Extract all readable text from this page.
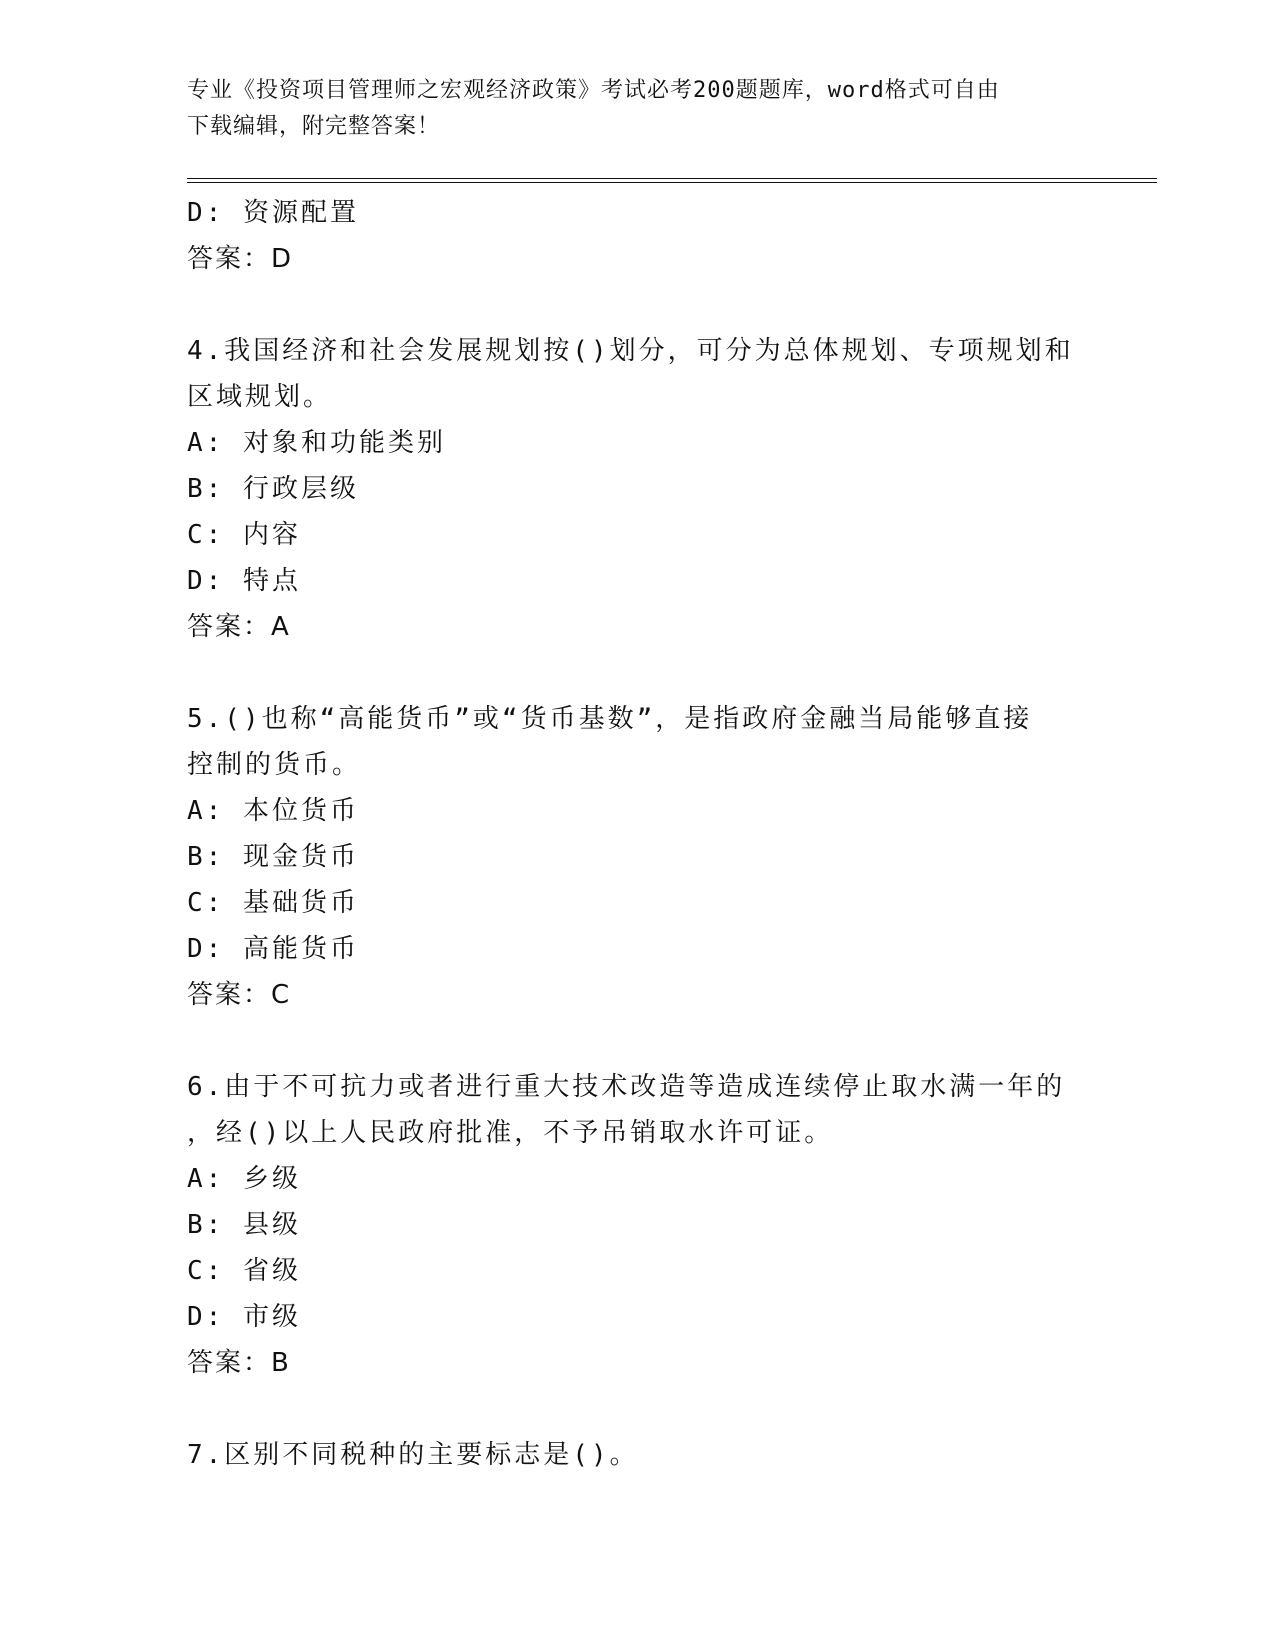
专业《投资项目管理师之宏观经济政策》考试必考200题题库，word格式可自由
下载编辑，附完整答案！
D: 资源配置
答案：D
4.我国经济和社会发展规划按()划分，可分为总体规划、专项规划和
区域规划。
A: 对象和功能类别
B: 行政层级
C: 内容
D: 特点
答案：A
5.()也称“高能货币”或“货币基数”，是指政府金融当局能够直接
控制的货币。
A: 本位货币
B: 现金货币
C: 基础货币
D: 高能货币
答案：C
6.由于不可抗力或者进行重大技术改造等造成连续停止取水满一年的
，经()以上人民政府批准，不予吊销取水许可证。
A: 乡级
B: 县级
C: 省级
D: 市级
答案：B
7.区别不同税种的主要标志是()。
